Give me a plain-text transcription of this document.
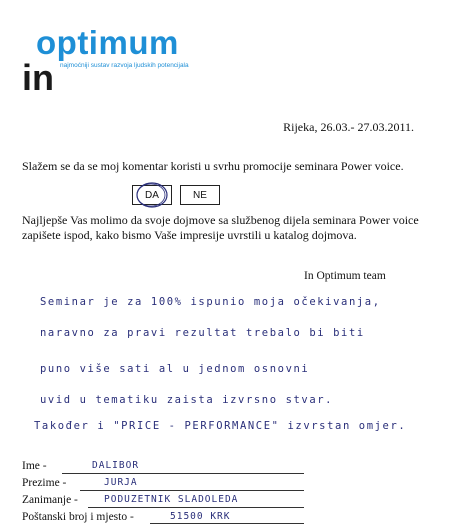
optimum
in najmoćniji sustav razvoja ljudskih potencijala
Rijeka, 26.03.- 27.03.2011.
Slažem se da se moj komentar koristi u svrhu promocije seminara Power voice.
DA	NE
Najljepše Vas molimo da svoje dojmove sa službenog dijela seminara Power voice zapišete ispod, kako bismo Vaše impresije uvrstili u katalog dojmova.
In Optimum team
Seminar je za 100% ispunio moja očekivanja,
naravno za pravi rezultat trebalo bi biti
puno više sati al u jednom osnovni
uvid u tematiku zaista izvrsno stvar.
Također i "PRICE - PERFORMANCE" izvrstan omjer.
Ime -	DALIBOR
Prezime -	JURJA
Zanimanje -	PODUZETNIK SLADOLEDA
Poštanski broj i mjesto -	51500 KRK
